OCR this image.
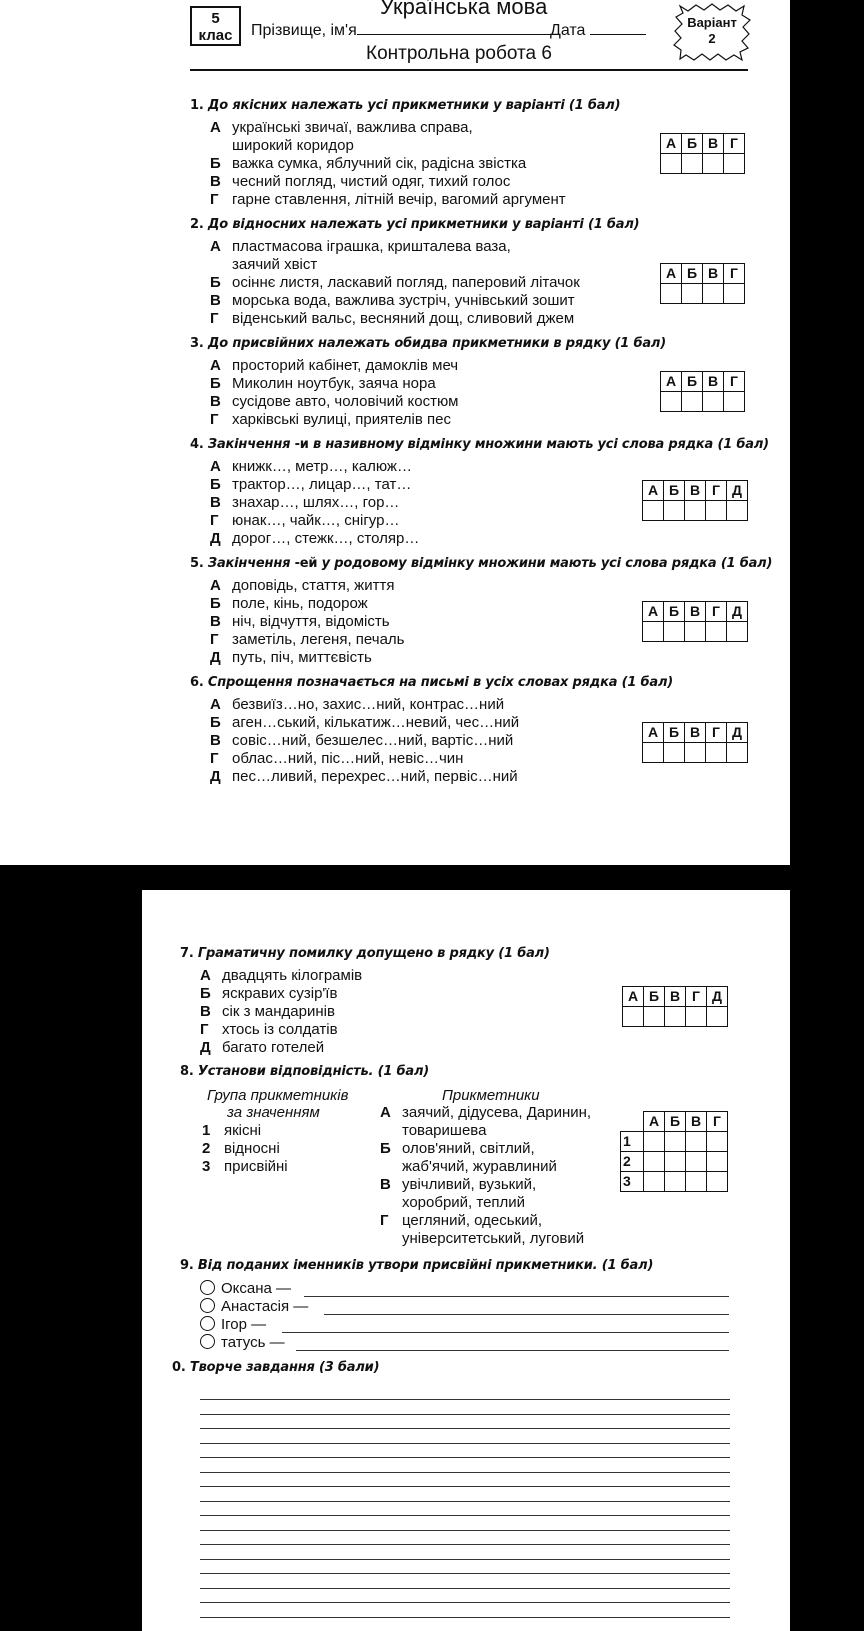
5
клас
Українська мова
Прізвище, ім'я	Дата
Контрольна робота 6
Варіант
2
1. До якісних належать усі прикметники у варіанті (1 бал)
А українські звичаї, важлива справа,
широкий коридор
Б важка сумка, яблучний сік, радісна звістка
В чесний погляд, чистий одяг, тихий голос
Г гарне ставлення, літній вечір, вагомий аргумент
А	Б	В	Г

2. До відносних належать усі прикметники у варіанті (1 бал)
А пластмасова іграшка, кришталева ваза,
заячий хвіст
Б осіннє листя, ласкавий погляд, паперовий літачок
В морська вода, важлива зустріч, учнівський зошит
Г віденський вальс, весняний дощ, сливовий джем
А	Б	В	Г

3. До присвійних належать обидва прикметники в рядку (1 бал)
А просторий кабінет, дамоклів меч
Б Миколин ноутбук, заяча нора
В сусідове авто, чоловічий костюм
Г харківські вулиці, приятелів пес
А	Б	В	Г

4. Закінчення -и в називному відмінку множини мають усі слова рядка (1 бал)
А книжк…, метр…, калюж…
Б трактор…, лицар…, тат…
В знахар…, шлях…, гор…
Г юнак…, чайк…, снігур…
Д дорог…, стежк…, столяр…
А	Б	В	Г	Д

5. Закінчення -ей у родовому відмінку множини мають усі слова рядка (1 бал)
А доповідь, стаття, життя
Б поле, кінь, подорож
В ніч, відчуття, відомість
Г заметіль, легеня, печаль
Д путь, піч, миттєвість
А	Б	В	Г	Д

6. Спрощення позначається на письмі в усіх словах рядка (1 бал)
А безвиїз…но, захис…ний, контрас…ний
Б аген…ський, кількатиж…невий, чес…ний
В совіс…ний, безшелес…ний, вартіс…ний
Г облас…ний, піс…ний, невіс…чин
Д пес…ливий, перехрес…ний, первіс…ний
А	Б	В	Г	Д

7. Граматичну помилку допущено в рядку (1 бал)
А двадцять кілограмів
Б яскравих сузір'їв
В сік з мандаринів
Г хтось із солдатів
Д багато готелей
А	Б	В	Г	Д

8. Установи відповідність. (1 бал)
Група прикметників
за значенням
Прикметники
1 якісні
2 відносні
3 присвійні
А заячий, дідусева, Даринин,
товаришева
Б олов'яний, світлий,
жаб'ячий, журавлиний
В увічливий, вузький,
хоробрий, теплий
Г цегляний, одеський,
університетський, луговий
	А	Б	В	Г
1				
2				
3				
9. Від поданих іменників утвори присвійні прикметники. (1 бал)
Оксана —
Анастасія —
Ігор —
татусь —
0. Творче завдання (3 бали)
